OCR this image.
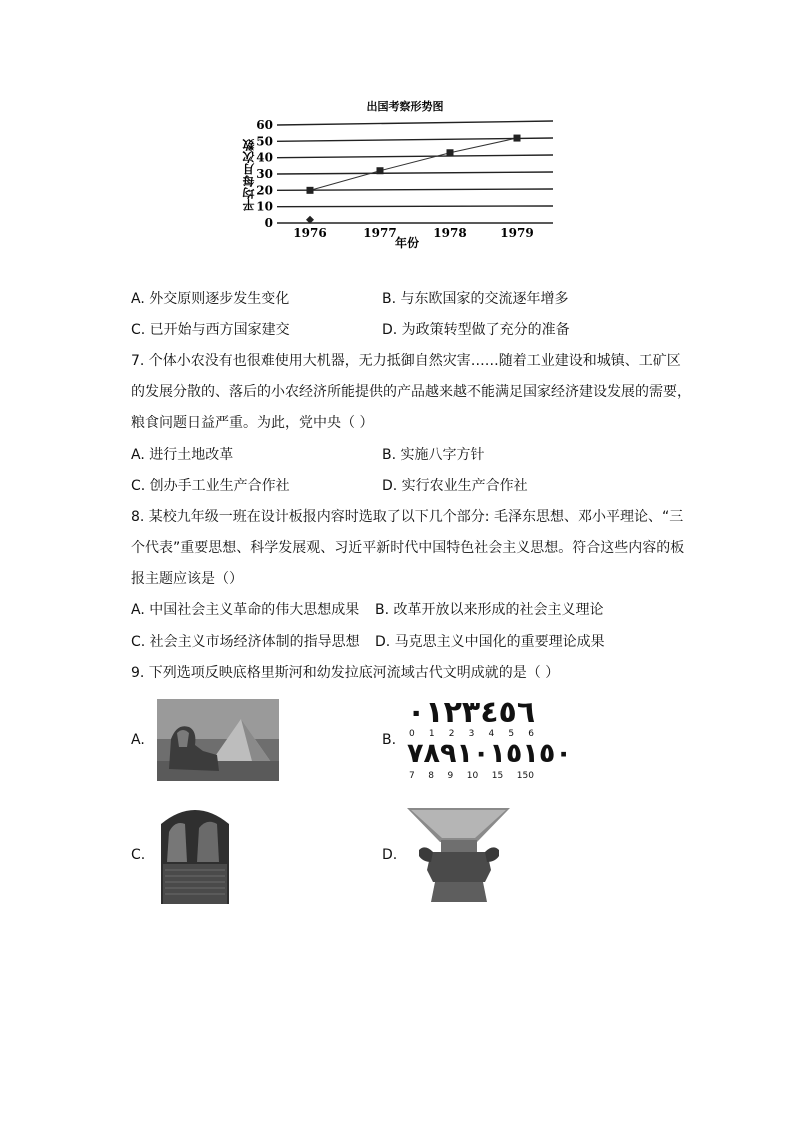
出国考察形势图
平均每月次数
0
10
20
30
40
50
60
1976	1977	1978	1979
年份
A. 外交原则逐步发生变化	B. 与东欧国家的交流逐年增多
C. 已开始与西方国家建交	D. 为政策转型做了充分的准备
7. 个体小农没有也很难使用大机器，无力抵御自然灾害……随着工业建设和城镇、工矿区
的发展分散的、落后的小农经济所能提供的产品越来越不能满足国家经济建设发展的需要，
粮食问题日益严重。为此，党中央（ ）
A. 进行土地改革	B. 实施八字方针
C. 创办手工业生产合作社	D. 实行农业生产合作社
8. 某校九年级一班在设计板报内容时选取了以下几个部分: 毛泽东思想、邓小平理论、“三
个代表”重要思想、科学发展观、习近平新时代中国特色社会主义思想。符合这些内容的板
报主题应该是（）
A. 中国社会主义革命的伟大思想成果 B. 改革开放以来形成的社会主义理论
C. 社会主义市场经济体制的指导思想 D. 马克思主义中国化的重要理论成果
9. 下列选项反映底格里斯河和幼发拉底河流域古代文明成就的是（ ）
A.	B.
٠١٢٣٤٥٦
0 1 2 3 4 5 6
٧٨٩١٠١٥١٥٠
7 8 9 10 15 150
C.	D.
